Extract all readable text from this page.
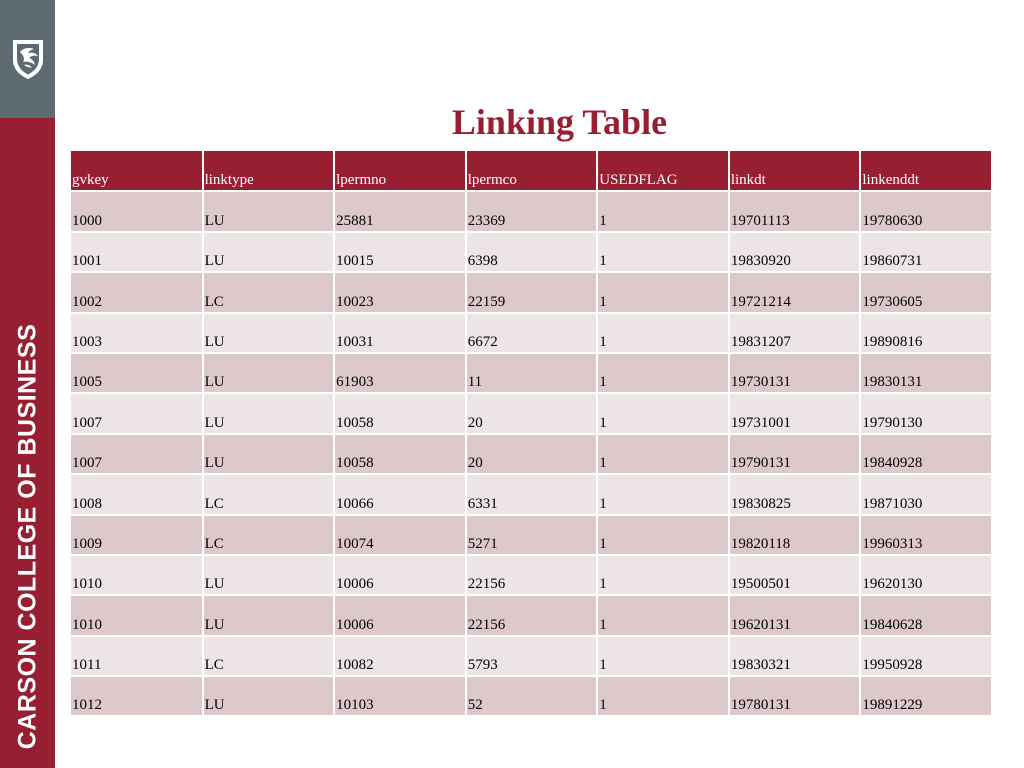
CARSON COLLEGE OF BUSINESS
Linking Table
gvkey	linktype	lpermno	lpermco	USEDFLAG	linkdt	linkenddt
1000	LU	25881	23369	1	19701113	19780630
1001	LU	10015	6398	1	19830920	19860731
1002	LC	10023	22159	1	19721214	19730605
1003	LU	10031	6672	1	19831207	19890816
1005	LU	61903	11	1	19730131	19830131
1007	LU	10058	20	1	19731001	19790130
1007	LU	10058	20	1	19790131	19840928
1008	LC	10066	6331	1	19830825	19871030
1009	LC	10074	5271	1	19820118	19960313
1010	LU	10006	22156	1	19500501	19620130
1010	LU	10006	22156	1	19620131	19840628
1011	LC	10082	5793	1	19830321	19950928
1012	LU	10103	52	1	19780131	19891229
